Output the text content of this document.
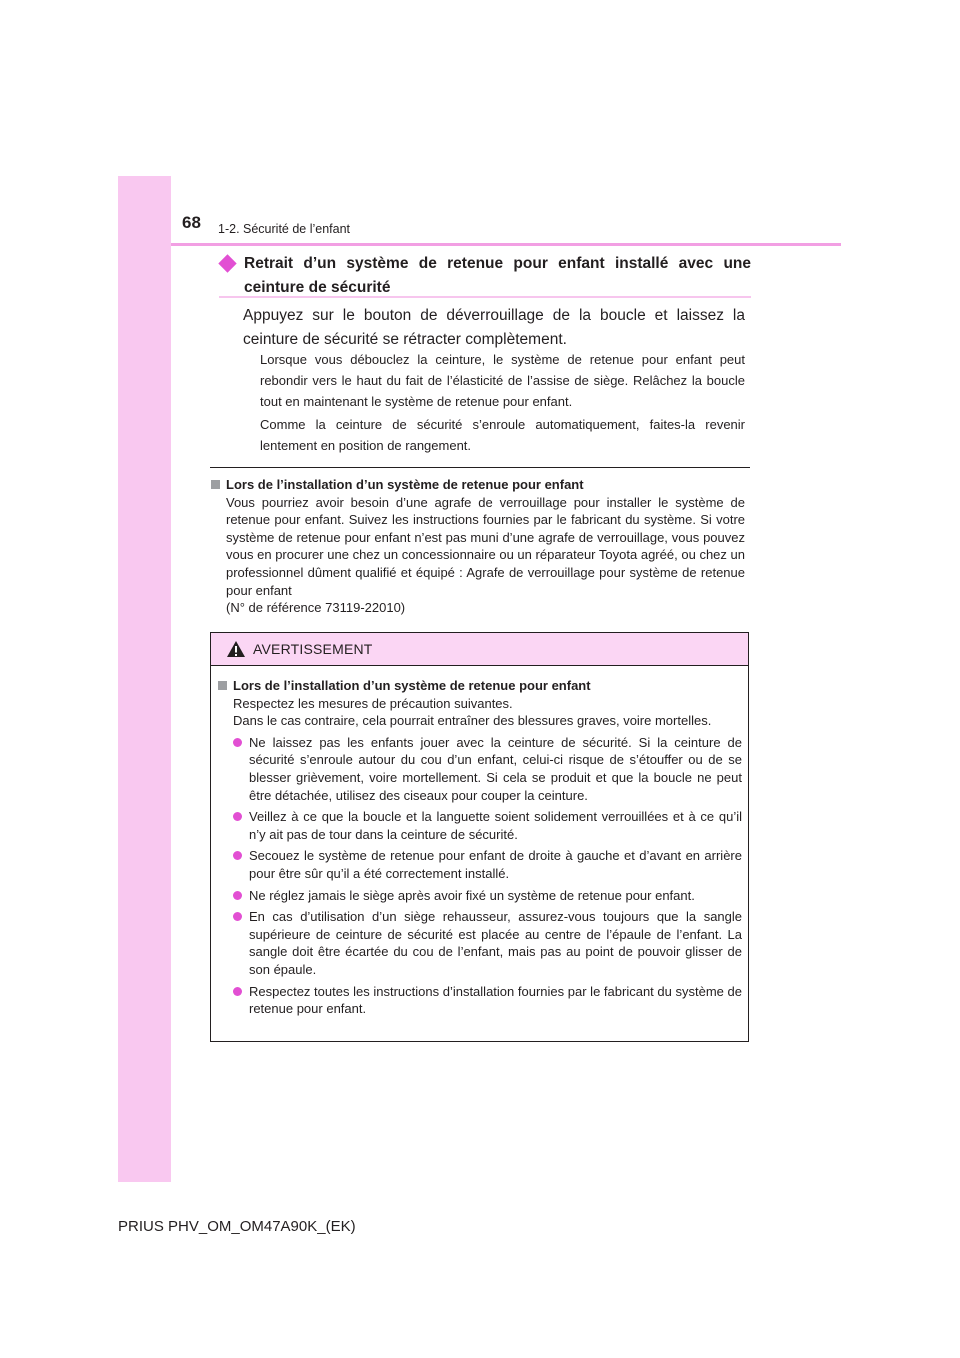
68 1-2. Sécurité de l’enfant
Retrait d’un système de retenue pour enfant installé avec une ceinture de sécurité
Appuyez sur le bouton de déverrouillage de la boucle et laissez la ceinture de sécurité se rétracter complètement.
Lorsque vous débouclez la ceinture, le système de retenue pour enfant peut rebondir vers le haut du fait de l’élasticité de l’assise de siège. Relâchez la boucle tout en maintenant le système de retenue pour enfant.
Comme la ceinture de sécurité s’enroule automatiquement, faites-la revenir lentement en position de rangement.
Lors de l’installation d’un système de retenue pour enfant
Vous pourriez avoir besoin d’une agrafe de verrouillage pour installer le système de retenue pour enfant. Suivez les instructions fournies par le fabricant du système. Si votre système de retenue pour enfant n’est pas muni d’une agrafe de verrouillage, vous pouvez vous en procurer une chez un concessionnaire ou un réparateur Toyota agréé, ou chez un professionnel dûment qualifié et équipé : Agrafe de verrouillage pour système de retenue pour enfant
(N° de référence 73119-22010)
AVERTISSEMENT
Lors de l’installation d’un système de retenue pour enfant
Respectez les mesures de précaution suivantes.
Dans le cas contraire, cela pourrait entraîner des blessures graves, voire mortelles.
Ne laissez pas les enfants jouer avec la ceinture de sécurité. Si la ceinture de sécurité s’enroule autour du cou d’un enfant, celui-ci risque de s’étouffer ou de se blesser grièvement, voire mortellement. Si cela se produit et que la boucle ne peut être détachée, utilisez des ciseaux pour couper la ceinture.
Veillez à ce que la boucle et la languette soient solidement verrouillées et à ce qu’il n’y ait pas de tour dans la ceinture de sécurité.
Secouez le système de retenue pour enfant de droite à gauche et d’avant en arrière pour être sûr qu’il a été correctement installé.
Ne réglez jamais le siège après avoir fixé un système de retenue pour enfant.
En cas d’utilisation d’un siège rehausseur, assurez-vous toujours que la sangle supérieure de ceinture de sécurité est placée au centre de l’épaule de l’enfant. La sangle doit être écartée du cou de l’enfant, mais pas au point de pouvoir glisser de son épaule.
Respectez toutes les instructions d’installation fournies par le fabricant du système de retenue pour enfant.
PRIUS PHV_OM_OM47A90K_(EK)
